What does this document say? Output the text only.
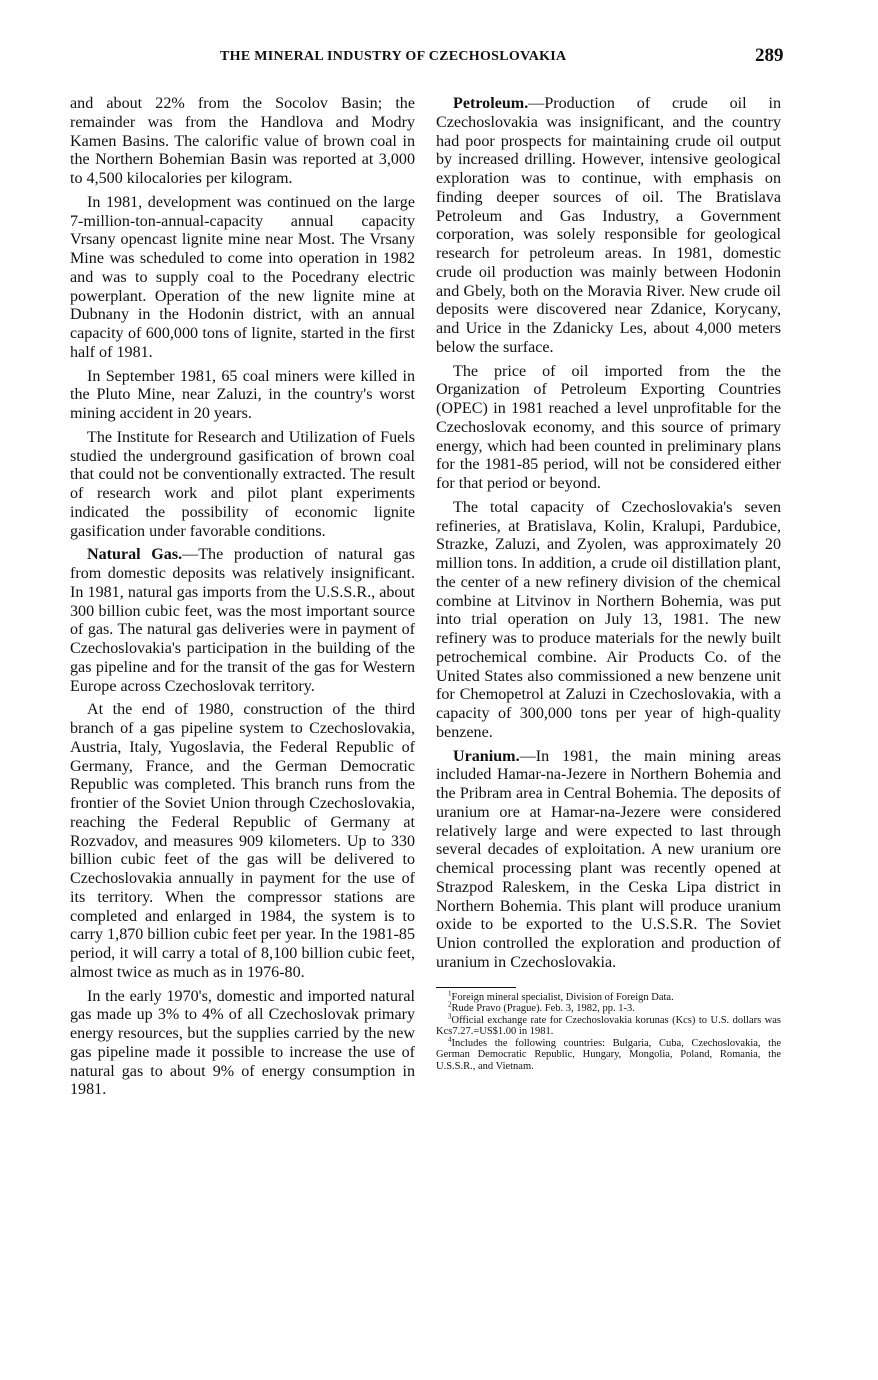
THE MINERAL INDUSTRY OF CZECHOSLOVAKIA	289

and about 22% from the Socolov Basin; the remainder was from the Handlova and Modry Kamen Basins. The calorific value of brown coal in the Northern Bohemian Basin was reported at 3,000 to 4,500 kilocalories per kilogram.

In 1981, development was continued on the large 7-million-ton-annual-capacity annual capacity Vrsany opencast lignite mine near Most. The Vrsany Mine was scheduled to come into operation in 1982 and was to supply coal to the Pocedrany electric powerplant. Operation of the new lignite mine at Dubnany in the Hodonin district, with an annual capacity of 600,000 tons of lignite, started in the first half of 1981.

In September 1981, 65 coal miners were killed in the Pluto Mine, near Zaluzi, in the country's worst mining accident in 20 years.

The Institute for Research and Utilization of Fuels studied the underground gasification of brown coal that could not be conventionally extracted. The result of research work and pilot plant experiments indicated the possibility of economic lignite gasification under favorable conditions.

Natural Gas.—The production of natural gas from domestic deposits was relatively insignificant. In 1981, natural gas imports from the U.S.S.R., about 300 billion cubic feet, was the most important source of gas. The natural gas deliveries were in payment of Czechoslovakia's participation in the building of the gas pipeline and for the transit of the gas for Western Europe across Czechoslovak territory.

At the end of 1980, construction of the third branch of a gas pipeline system to Czechoslovakia, Austria, Italy, Yugoslavia, the Federal Republic of Germany, France, and the German Democratic Republic was completed. This branch runs from the frontier of the Soviet Union through Czechoslovakia, reaching the Federal Republic of Germany at Rozvadov, and measures 909 kilometers. Up to 330 billion cubic feet of the gas will be delivered to Czechoslovakia annually in payment for the use of its territory. When the compressor stations are completed and enlarged in 1984, the system is to carry 1,870 billion cubic feet per year. In the 1981-85 period, it will carry a total of 8,100 billion cubic feet, almost twice as much as in 1976-80.

In the early 1970's, domestic and imported natural gas made up 3% to 4% of all Czechoslovak primary energy resources, but the supplies carried by the new gas pipeline made it possible to increase the use of natural gas to about 9% of energy consumption in 1981.

Petroleum.—Production of crude oil in Czechoslovakia was insignificant, and the country had poor prospects for maintaining crude oil output by increased drilling. However, intensive geological exploration was to continue, with emphasis on finding deeper sources of oil. The Bratislava Petroleum and Gas Industry, a Government corporation, was solely responsible for geological research for petroleum areas. In 1981, domestic crude oil production was mainly between Hodonin and Gbely, both on the Moravia River. New crude oil deposits were discovered near Zdanice, Korycany, and Urice in the Zdanicky Les, about 4,000 meters below the surface.

The price of oil imported from the the Organization of Petroleum Exporting Countries (OPEC) in 1981 reached a level unprofitable for the Czechoslovak economy, and this source of primary energy, which had been counted in preliminary plans for the 1981-85 period, will not be considered either for that period or beyond.

The total capacity of Czechoslovakia's seven refineries, at Bratislava, Kolin, Kralupi, Pardubice, Strazke, Zaluzi, and Zyolen, was approximately 20 million tons. In addition, a crude oil distillation plant, the center of a new refinery division of the chemical combine at Litvinov in Northern Bohemia, was put into trial operation on July 13, 1981. The new refinery was to produce materials for the newly built petrochemical combine. Air Products Co. of the United States also commissioned a new benzene unit for Chemopetrol at Zaluzi in Czechoslovakia, with a capacity of 300,000 tons per year of high-quality benzene.

Uranium.—In 1981, the main mining areas included Hamar-na-Jezere in Northern Bohemia and the Pribram area in Central Bohemia. The deposits of uranium ore at Hamar-na-Jezere were considered relatively large and were expected to last through several decades of exploitation. A new uranium ore chemical processing plant was recently opened at Strazpod Raleskem, in the Ceska Lipa district in Northern Bohemia. This plant will produce uranium oxide to be exported to the U.S.S.R. The Soviet Union controlled the exploration and production of uranium in Czechoslovakia.

$^1$Foreign mineral specialist, Division of Foreign Data.

$^2$Rude Pravo (Prague). Feb. 3, 1982, pp. 1-3.

$^3$Official exchange rate for Czechoslovakia korunas (Kcs) to U.S. dollars was Kcs7.27.=US$1.00 in 1981.

$^4$Includes the following countries: Bulgaria, Cuba, Czechoslovakia, the German Democratic Republic, Hungary, Mongolia, Poland, Romania, the U.S.S.R., and Vietnam.
